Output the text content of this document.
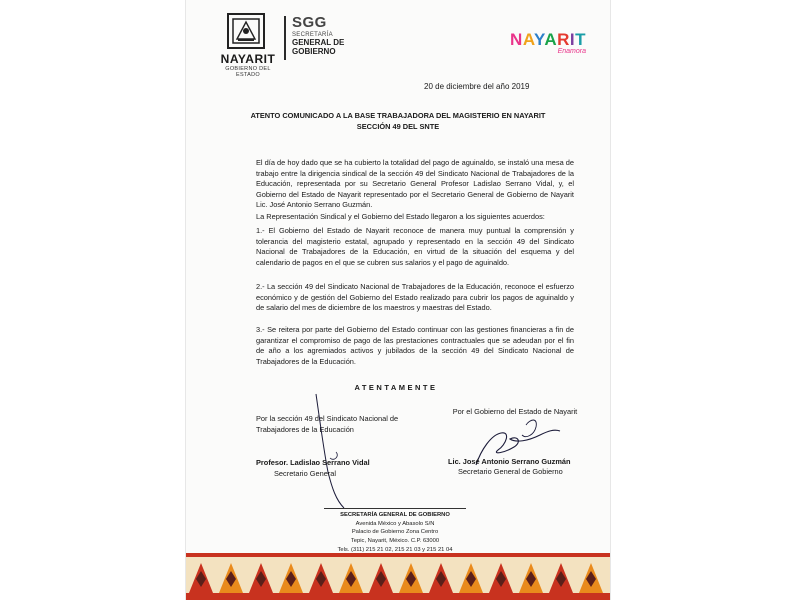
NAYARIT
GOBIERNO DEL ESTADO
SGG
SECRETARÍA
GENERAL DE
GOBIERNO
NAYARIT
Enamora
20 de diciembre del año 2019
ATENTO COMUNICADO A LA BASE TRABAJADORA DEL MAGISTERIO EN NAYARIT
SECCIÓN 49 DEL SNTE
El día de hoy dado que se ha cubierto la totalidad del pago de aguinaldo, se instaló una mesa de trabajo entre la dirigencia sindical de la sección 49 del Sindicato Nacional de Trabajadores de la Educación, representada por su Secretario General Profesor Ladislao Serrano Vidal, y, el Gobierno del Estado de Nayarit representado por el Secretario General de Gobierno de Nayarit Lic. José Antonio Serrano Guzmán.
La Representación Sindical y el Gobierno del Estado llegaron a los siguientes acuerdos:
1.- El Gobierno del Estado de Nayarit reconoce de manera muy puntual la comprensión y tolerancia del magisterio estatal, agrupado y representado en la sección 49 del Sindicato Nacional de Trabajadores de la Educación, en virtud de la situación del esquema y del calendario de pagos en el que se cubren sus salarios y el pago de aguinaldo.
2.- La sección 49 del Sindicato Nacional de Trabajadores de la Educación, reconoce el esfuerzo económico y de gestión del Gobierno del Estado realizado para cubrir los pagos de aguinaldo y de salario del mes de diciembre de los maestros y maestras del Estado.
3.- Se reitera por parte del Gobierno del Estado continuar con las gestiones financieras a fin de garantizar el compromiso de pago de las prestaciones contractuales que se adeudan por el fin de año a los agremiados activos y jubilados de la sección 49 del Sindicato Nacional de Trabajadores de la Educación.
ATENTAMENTE
Por la sección 49 del Sindicato Nacional de Trabajadores de la Educación
Por el Gobierno del Estado de Nayarit
Profesor. Ladislao Serrano Vidal
Secretario General
Lic. José Antonio Serrano Guzmán
Secretario General de Gobierno
SECRETARÍA GENERAL DE GOBIERNO
Avenida México y Abasolo S/N
Palacio de Gobierno Zona Centro
Tepic, Nayarit, México. C.P. 63000
Tels. (311) 215 21 02, 215 21 03 y 215 21 04
